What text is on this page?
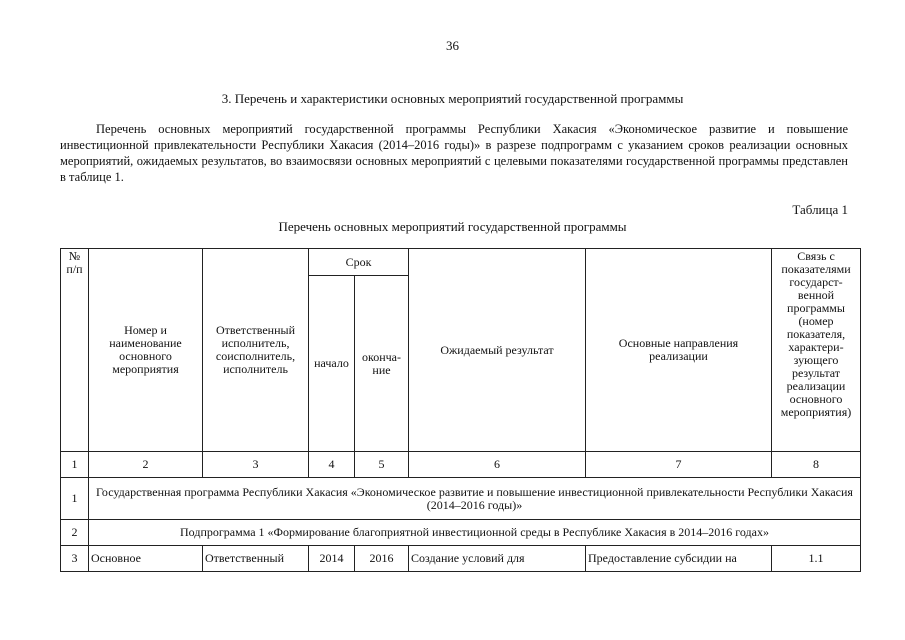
36
3. Перечень и характеристики основных мероприятий государственной программы
Перечень основных мероприятий государственной программы Республики Хакасия «Экономическое развитие и повышение инвестиционной привлекательности Республики Хакасия (2014–2016 годы)» в разрезе подпрограмм с указанием сроков реализации основных мероприятий, ожидаемых результатов, во взаимосвязи основных мероприятий с целевыми показателями государственной программы представлен в таблице 1.
Таблица 1
Перечень основных мероприятий государственной программы
№ п/п	Номер и наименование основного мероприятия	Ответственный исполнитель, соисполнитель, исполнитель	Срок		Ожидаемый результат	Основные направления реализации	Связь с показателями государст-венной программы (номер показателя, характери-зующего результат реализации основного мероприятия)
			начало	оконча-ние			
1	2	3	4	5	6	7	8
1	Государственная программа Республики Хакасия «Экономическое развитие и повышение инвестиционной привлекательности Республики Хакасия (2014–2016 годы)»						
2	Подпрограмма 1 «Формирование благоприятной инвестиционной среды в Республике Хакасия в 2014–2016 годах»						
3	Основное	Ответственный	2014	2016	Создание условий для	Предоставление субсидии на	1.1
